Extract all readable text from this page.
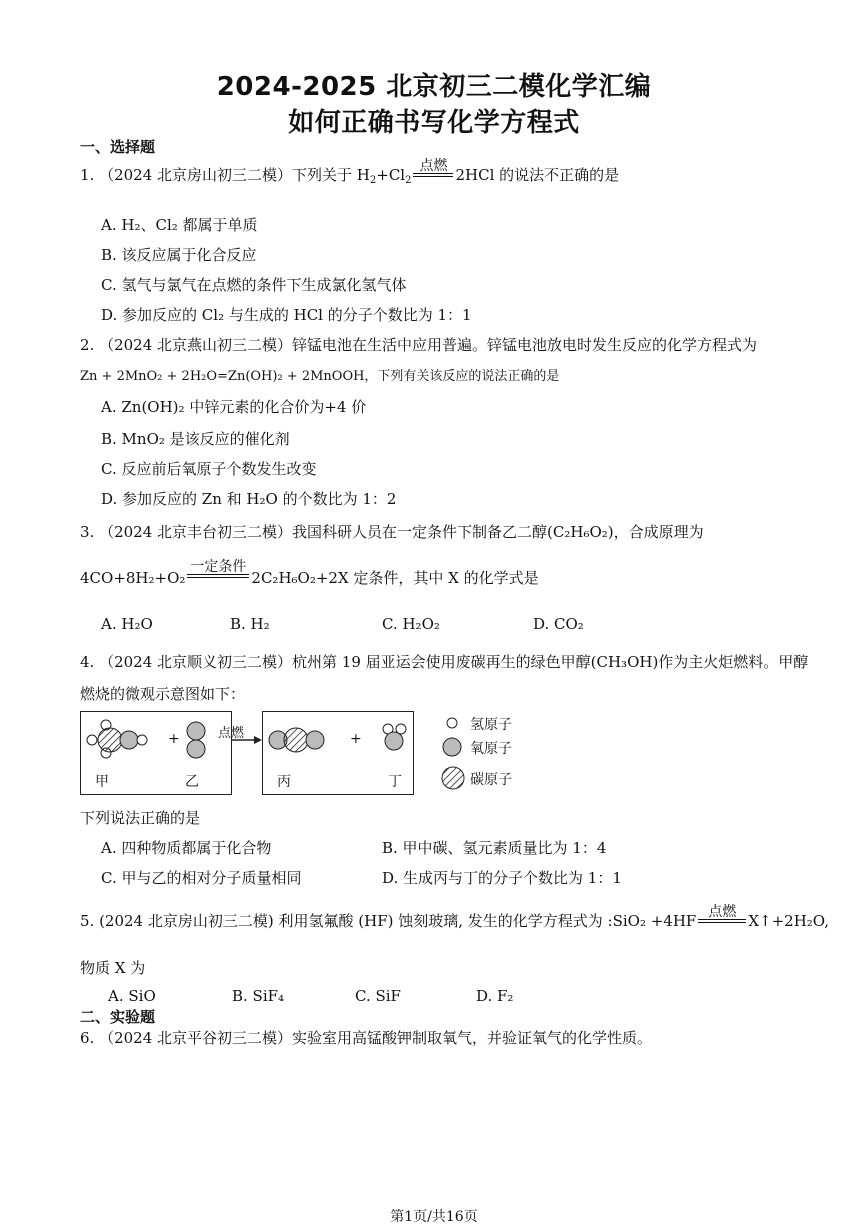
2024-2025 北京初三二模化学汇编
如何正确书写化学方程式
一、选择题
1. （2024 北京房山初三二模）下列关于 $H_2+Cl_2$
点燃 2HCl 的说法不正确的是
A. H₂、Cl₂ 都属于单质
B. 该反应属于化合反应
C. 氢气与氯气在点燃的条件下生成氯化氢气体
D. 参加反应的 Cl₂ 与生成的 HCl 的分子个数比为 1：1
2. （2024 北京燕山初三二模）锌锰电池在生活中应用普遍。锌锰电池放电时发生反应的化学方程式为
Zn + 2MnO₂ + 2H₂O=Zn(OH)₂ + 2MnOOH，下列有关该反应的说法正确的是
A. Zn(OH)₂ 中锌元素的化合价为+4 价
B. MnO₂ 是该反应的催化剂
C. 反应前后氧原子个数发生改变
D. 参加反应的 Zn 和 H₂O 的个数比为 1：2
3. （2024 北京丰台初三二模）我国科研人员在一定条件下制备乙二醇(C₂H₆O₂)，合成原理为
4CO+8H₂+O₂
一定条件
2C₂H₆O₂+2X 定条件，其中 X 的化学式是
A. H₂O	B. H₂	C. H₂O₂	D. CO₂
4. （2024 北京顺义初三二模）杭州第 19 届亚运会使用废碳再生的绿色甲醇(CH₃OH)作为主火炬燃料。甲醇
燃烧的微观示意图如下：
+	+
点燃
甲	乙	丙	丁
氢原子
氧原子
碳原子
下列说法正确的是
A. 四种物质都属于化合物	B. 甲中碳、氢元素质量比为 1：4
C. 甲与乙的相对分子质量相同	D. 生成丙与丁的分子个数比为 1：1
5. (2024 北京房山初三二模) 利用氢氟酸 (HF) 蚀刻玻璃, 发生的化学方程式为 :SiO₂ +4HF 点燃 X↑+2H₂O,
物质 X 为
A. SiO	B. SiF₄	C. SiF	D. F₂
二、实验题
6. （2024 北京平谷初三二模）实验室用高锰酸钾制取氧气，并验证氧气的化学性质。
第1页/共16页
